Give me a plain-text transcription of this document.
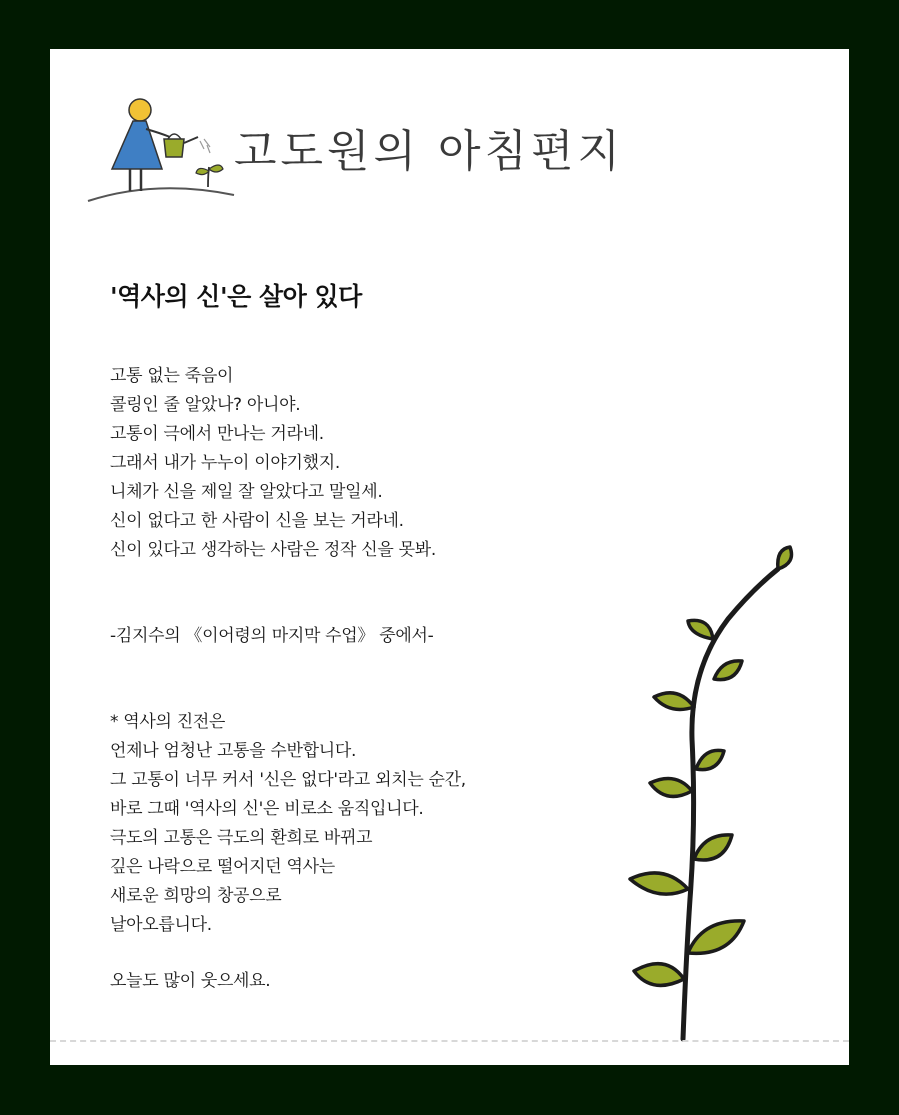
고도원의 아침편지
'역사의 신'은 살아 있다
고통 없는 죽음이
콜링인 줄 알았나? 아니야.
고통이 극에서 만나는 거라네.
그래서 내가 누누이 이야기했지.
니체가 신을 제일 잘 알았다고 말일세.
신이 없다고 한 사람이 신을 보는 거라네.
신이 있다고 생각하는 사람은 정작 신을 못봐.
-김지수의 《이어령의 마지막 수업》 중에서-
* 역사의 진전은
언제나 엄청난 고통을 수반합니다.
그 고통이 너무 커서 '신은 없다'라고 외치는 순간,
바로 그때 '역사의 신'은 비로소 움직입니다.
극도의 고통은 극도의 환희로 바뀌고
깊은 나락으로 떨어지던 역사는
새로운 희망의 창공으로
날아오릅니다.
오늘도 많이 웃으세요.
